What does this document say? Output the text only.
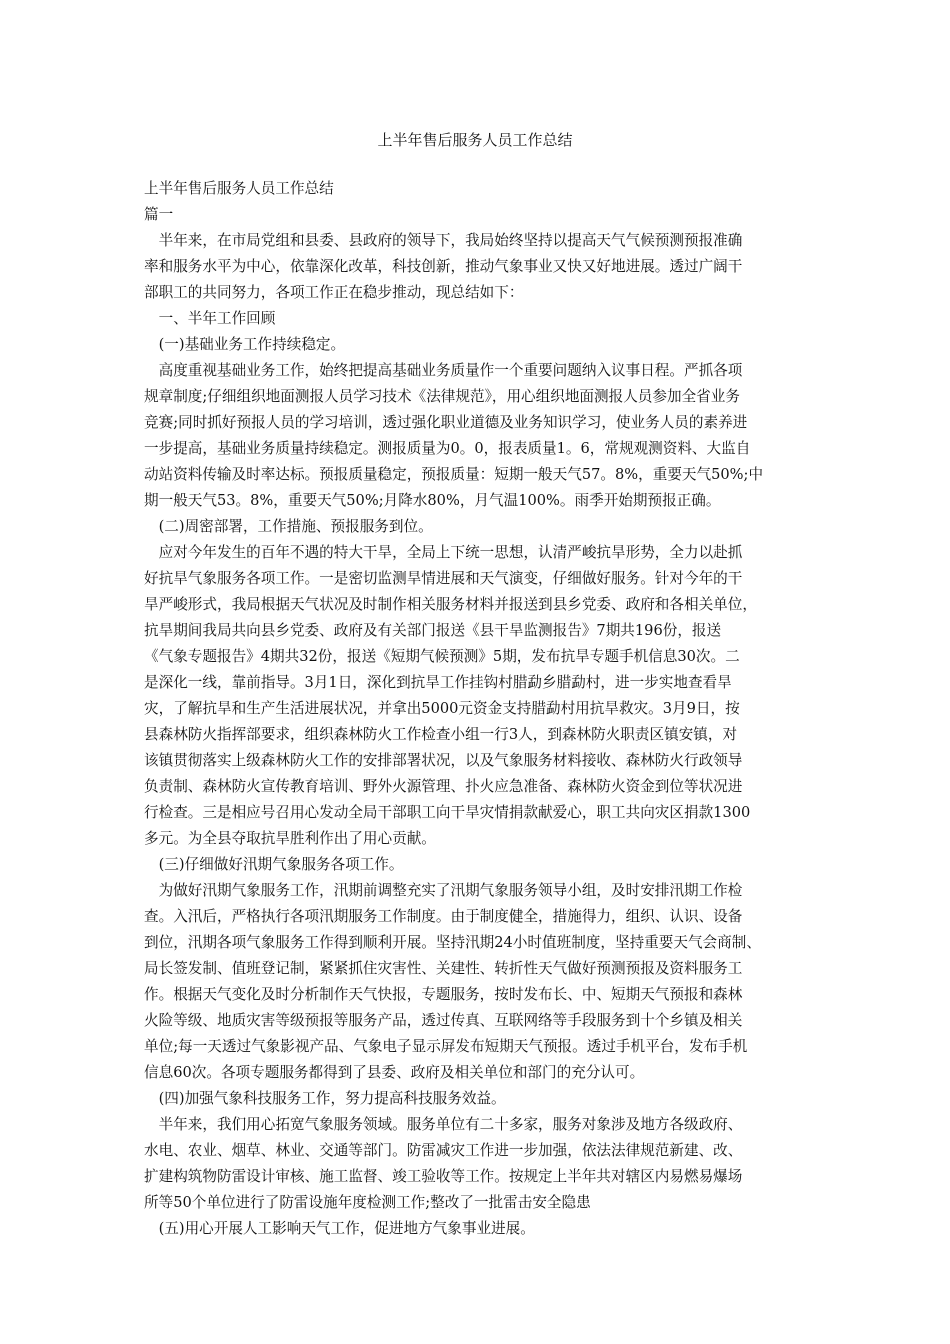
上半年售后服务人员工作总结

上半年售后服务人员工作总结

篇一

　半年来，在市局党组和县委、县政府的领导下，我局始终坚持以提高天气气候预测预报准确

率和服务水平为中心，依靠深化改革，科技创新，推动气象事业又快又好地进展。透过广阔干

部职工的共同努力，各项工作正在稳步推动，现总结如下：

　一、半年工作回顾

　(一)基础业务工作持续稳定。

　高度重视基础业务工作，始终把提高基础业务质量作一个重要问题纳入议事日程。严抓各项

规章制度;仔细组织地面测报人员学习技术《法律规范》，用心组织地面测报人员参加全省业务

竞赛;同时抓好预报人员的学习培训，透过强化职业道德及业务知识学习，使业务人员的素养进

一步提高，基础业务质量持续稳定。测报质量为0。0，报表质量1。6，常规观测资料、大监自

动站资料传输及时率达标。预报质量稳定，预报质量：短期一般天气57。8%，重要天气50%;中

期一般天气53。8%，重要天气50%;月降水80%，月气温100%。雨季开始期预报正确。

　(二)周密部署，工作措施、预报服务到位。

　应对今年发生的百年不遇的特大干旱，全局上下统一思想，认清严峻抗旱形势，全力以赴抓

好抗旱气象服务各项工作。一是密切监测旱情进展和天气演变，仔细做好服务。针对今年的干

旱严峻形式，我局根据天气状况及时制作相关服务材料并报送到县乡党委、政府和各相关单位，

抗旱期间我局共向县乡党委、政府及有关部门报送《县干旱监测报告》7期共196份，报送

《气象专题报告》4期共32份，报送《短期气候预测》5期，发布抗旱专题手机信息30次。二

是深化一线，靠前指导。3月1日，深化到抗旱工作挂钩村腊勐乡腊勐村，进一步实地查看旱

灾，了解抗旱和生产生活进展状况，并拿出5000元资金支持腊勐村用抗旱救灾。3月9日，按

县森林防火指挥部要求，组织森林防火工作检查小组一行3人，到森林防火职责区镇安镇，对

该镇贯彻落实上级森林防火工作的安排部署状况，以及气象服务材料接收、森林防火行政领导

负责制、森林防火宣传教育培训、野外火源管理、扑火应急准备、森林防火资金到位等状况进

行检查。三是相应号召用心发动全局干部职工向干旱灾情捐款献爱心，职工共向灾区捐款1300

多元。为全县夺取抗旱胜利作出了用心贡献。

　(三)仔细做好汛期气象服务各项工作。

　为做好汛期气象服务工作，汛期前调整充实了汛期气象服务领导小组，及时安排汛期工作检

查。入汛后，严格执行各项汛期服务工作制度。由于制度健全，措施得力，组织、认识、设备

到位，汛期各项气象服务工作得到顺利开展。坚持汛期24小时值班制度，坚持重要天气会商制、

局长签发制、值班登记制，紧紧抓住灾害性、关建性、转折性天气做好预测预报及资料服务工

作。根据天气变化及时分析制作天气快报，专题服务，按时发布长、中、短期天气预报和森林

火险等级、地质灾害等级预报等服务产品，透过传真、互联网络等手段服务到十个乡镇及相关

单位;每一天透过气象影视产品、气象电子显示屏发布短期天气预报。透过手机平台，发布手机

信息60次。各项专题服务都得到了县委、政府及相关单位和部门的充分认可。

　(四)加强气象科技服务工作，努力提高科技服务效益。

　半年来，我们用心拓宽气象服务领域。服务单位有二十多家，服务对象涉及地方各级政府、

水电、农业、烟草、林业、交通等部门。防雷减灾工作进一步加强，依法法律规范新建、改、

扩建构筑物防雷设计审核、施工监督、竣工验收等工作。按规定上半年共对辖区内易燃易爆场

所等50个单位进行了防雷设施年度检测工作;整改了一批雷击安全隐患

　(五)用心开展人工影响天气工作，促进地方气象事业进展。
